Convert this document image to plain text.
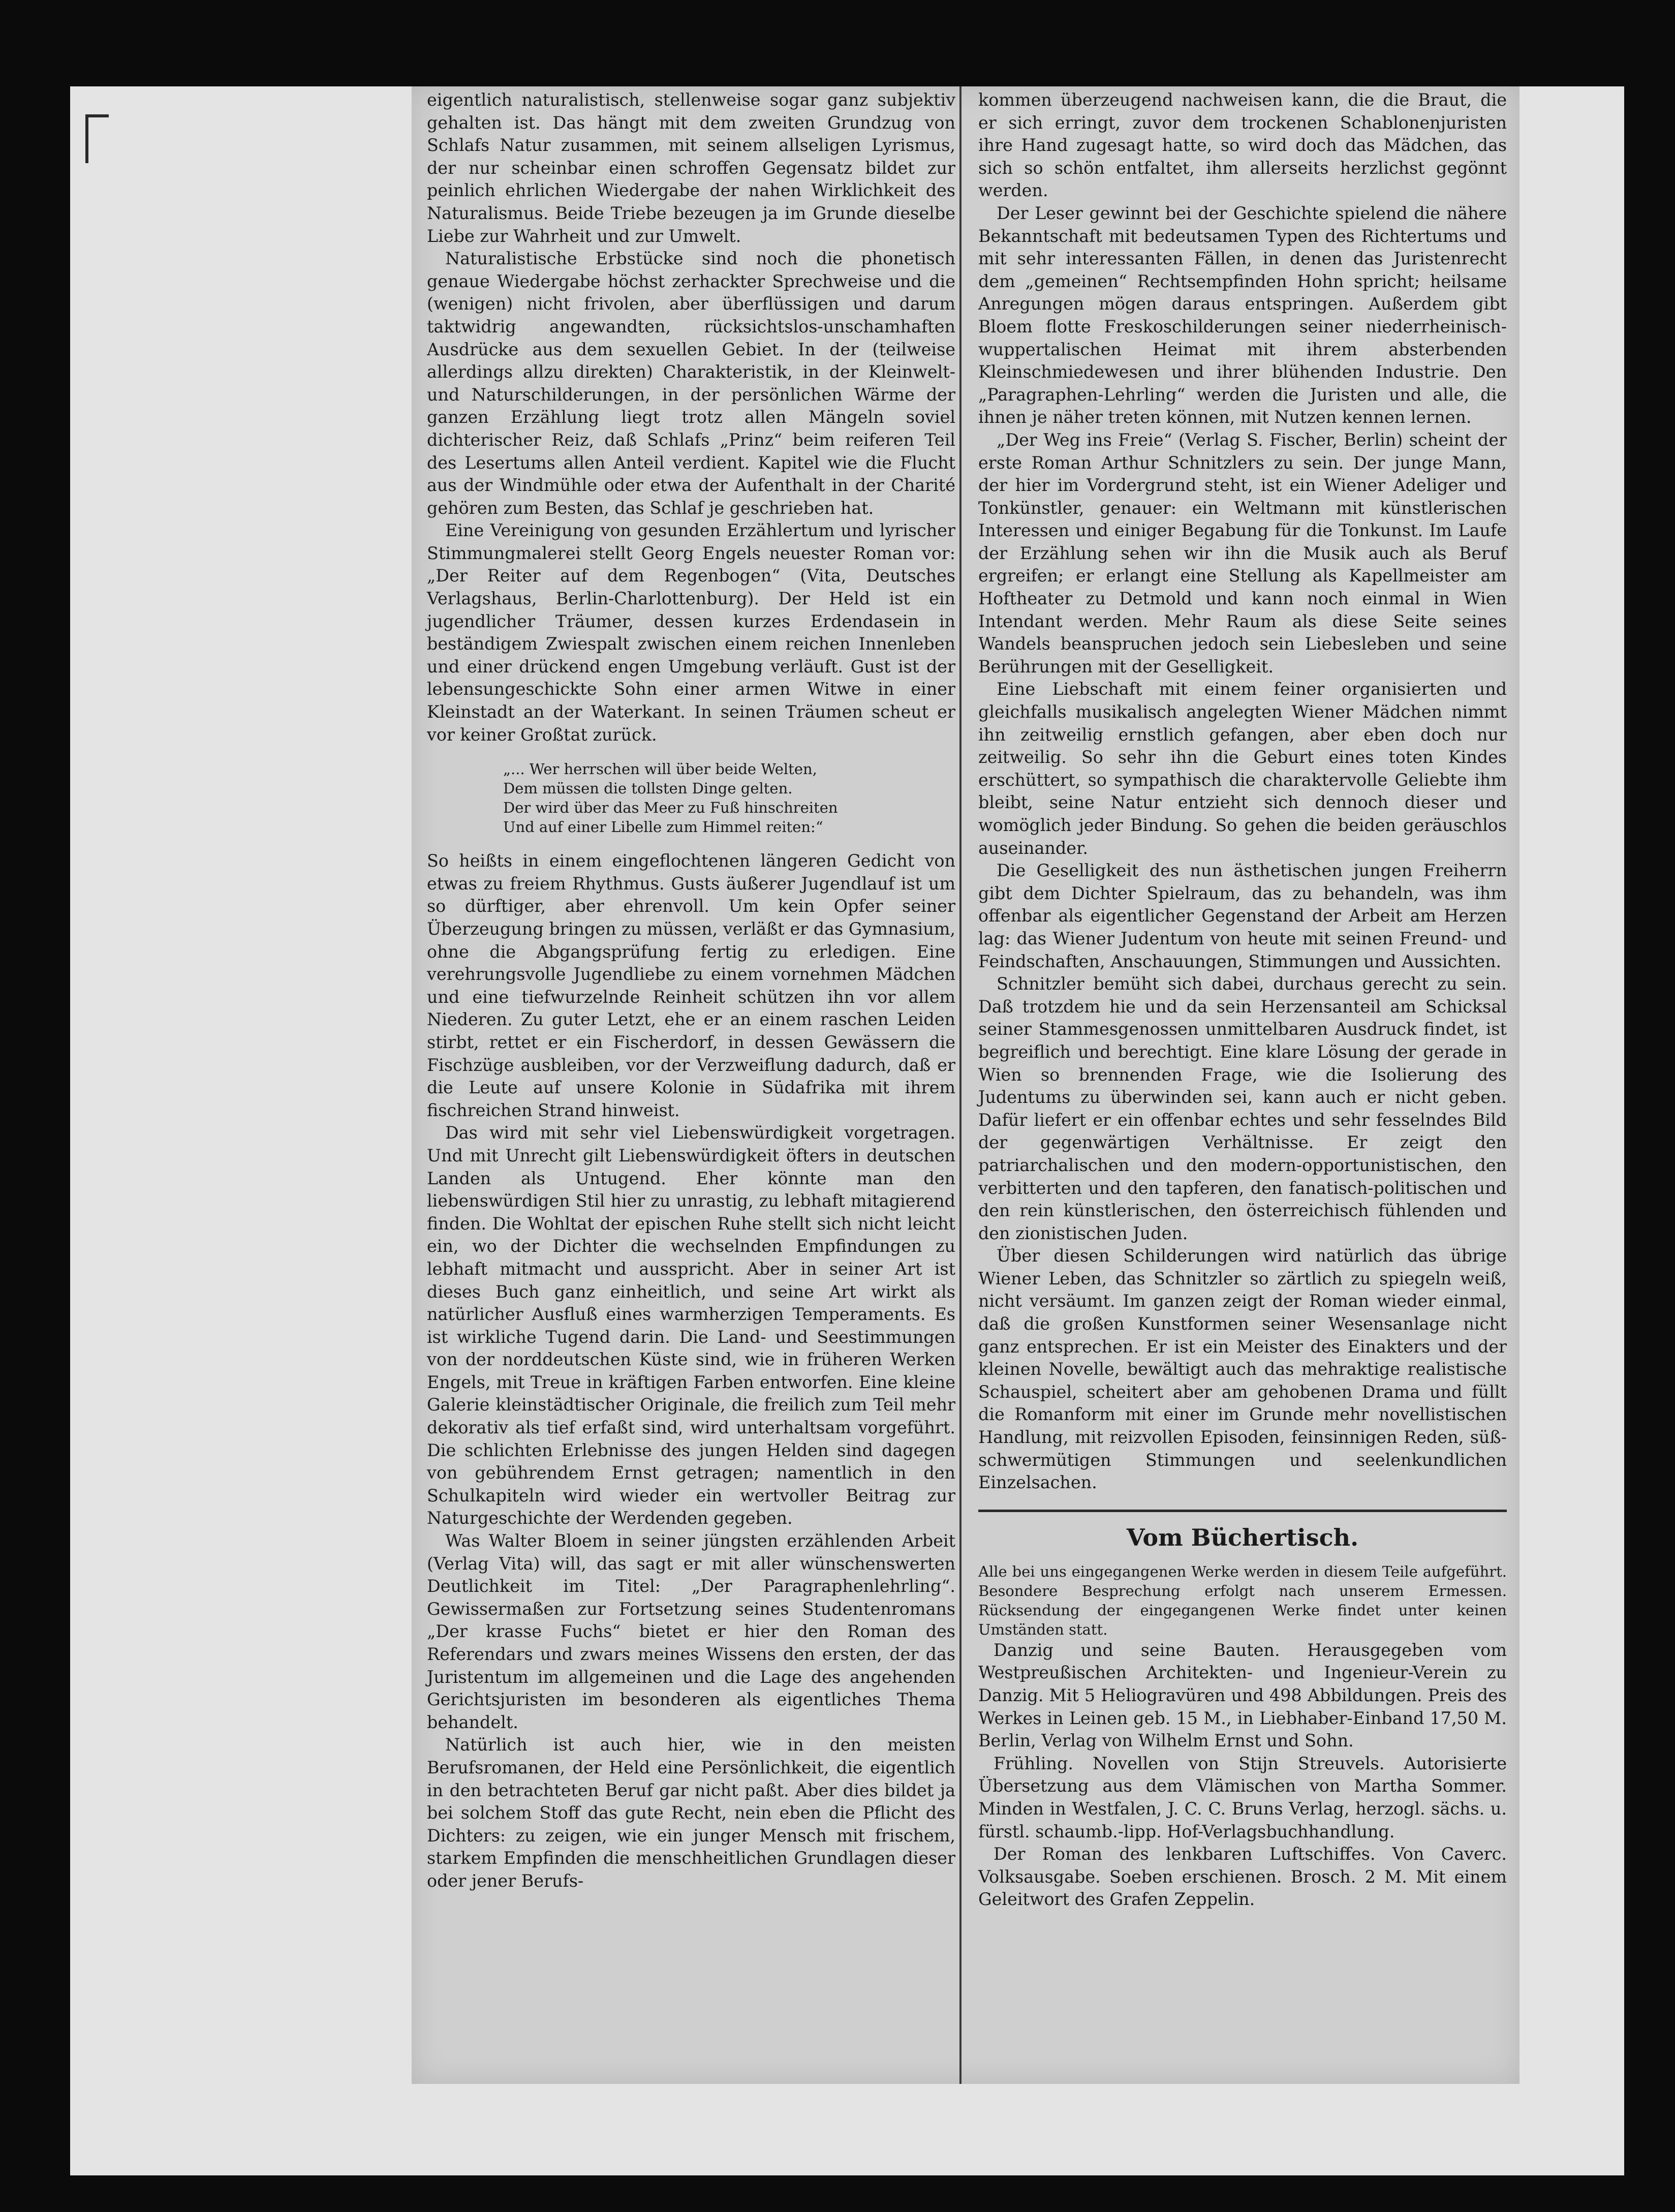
eigentlich naturalistisch, stellenweise sogar ganz subjektiv gehalten ist. Das hängt mit dem zweiten Grundzug von Schlafs Natur zusammen, mit seinem allseligen Lyrismus, der nur scheinbar einen schroffen Gegensatz bildet zur peinlich ehrlichen Wiedergabe der nahen Wirklichkeit des Naturalismus. Beide Triebe bezeugen ja im Grunde dieselbe Liebe zur Wahrheit und zur Umwelt.

Naturalistische Erbstücke sind noch die phonetisch genaue Wiedergabe höchst zerhackter Sprechweise und die (wenigen) nicht frivolen, aber überflüssigen und darum taktwidrig angewandten, rücksichtslos-unschamhaften Ausdrücke aus dem sexuellen Gebiet. In der (teilweise allerdings allzu direkten) Charakteristik, in der Kleinwelt- und Naturschilderungen, in der persönlichen Wärme der ganzen Erzählung liegt trotz allen Mängeln soviel dichterischer Reiz, daß Schlafs „Prinz“ beim reiferen Teil des Lesertums allen Anteil verdient. Kapitel wie die Flucht aus der Windmühle oder etwa der Aufenthalt in der Charité gehören zum Besten, das Schlaf je geschrieben hat.

Eine Vereinigung von gesunden Erzählertum und lyrischer Stimmungmalerei stellt Georg Engels neuester Roman vor: „Der Reiter auf dem Regenbogen“ (Vita, Deutsches Verlagshaus, Berlin-Charlottenburg). Der Held ist ein jugendlicher Träumer, dessen kurzes Erdendasein in beständigem Zwiespalt zwischen einem reichen Innenleben und einer drückend engen Umgebung verläuft. Gust ist der lebensungeschickte Sohn einer armen Witwe in einer Kleinstadt an der Waterkant. In seinen Träumen scheut er vor keiner Großtat zurück.

„... Wer herrschen will über beide Welten,
Dem müssen die tollsten Dinge gelten.
Der wird über das Meer zu Fuß hinschreiten
Und auf einer Libelle zum Himmel reiten:“

So heißts in einem eingeflochtenen längeren Gedicht von etwas zu freiem Rhythmus. Gusts äußerer Jugendlauf ist um so dürftiger, aber ehrenvoll. Um kein Opfer seiner Überzeugung bringen zu müssen, verläßt er das Gymnasium, ohne die Abgangsprüfung fertig zu erledigen. Eine verehrungsvolle Jugendliebe zu einem vornehmen Mädchen und eine tiefwurzelnde Reinheit schützen ihn vor allem Niederen. Zu guter Letzt, ehe er an einem raschen Leiden stirbt, rettet er ein Fischerdorf, in dessen Gewässern die Fischzüge ausbleiben, vor der Verzweiflung dadurch, daß er die Leute auf unsere Kolonie in Südafrika mit ihrem fischreichen Strand hinweist.

Das wird mit sehr viel Liebenswürdigkeit vorgetragen. Und mit Unrecht gilt Liebenswürdigkeit öfters in deutschen Landen als Untugend. Eher könnte man den liebenswürdigen Stil hier zu unrastig, zu lebhaft mitagierend finden. Die Wohltat der epischen Ruhe stellt sich nicht leicht ein, wo der Dichter die wechselnden Empfindungen zu lebhaft mitmacht und ausspricht. Aber in seiner Art ist dieses Buch ganz einheitlich, und seine Art wirkt als natürlicher Ausfluß eines warmherzigen Temperaments. Es ist wirkliche Tugend darin. Die Land- und Seestimmungen von der norddeutschen Küste sind, wie in früheren Werken Engels, mit Treue in kräftigen Farben entworfen. Eine kleine Galerie kleinstädtischer Originale, die freilich zum Teil mehr dekorativ als tief erfaßt sind, wird unterhaltsam vorgeführt. Die schlichten Erlebnisse des jungen Helden sind dagegen von gebührendem Ernst getragen; namentlich in den Schulkapiteln wird wieder ein wertvoller Beitrag zur Naturgeschichte der Werdenden gegeben.

Was Walter Bloem in seiner jüngsten erzählenden Arbeit (Verlag Vita) will, das sagt er mit aller wünschenswerten Deutlichkeit im Titel: „Der Paragraphenlehrling“. Gewissermaßen zur Fortsetzung seines Studentenromans „Der krasse Fuchs“ bietet er hier den Roman des Referendars und zwars meines Wissens den ersten, der das Juristentum im allgemeinen und die Lage des angehenden Gerichtsjuristen im besonderen als eigentliches Thema behandelt.

Natürlich ist auch hier, wie in den meisten Berufsromanen, der Held eine Persönlichkeit, die eigentlich in den betrachteten Beruf gar nicht paßt. Aber dies bildet ja bei solchem Stoff das gute Recht, nein eben die Pflicht des Dichters: zu zeigen, wie ein junger Mensch mit frischem, starkem Empfinden die menschheitlichen Grundlagen dieser oder jener Berufs-

kommen überzeugend nachweisen kann, die die Braut, die er sich erringt, zuvor dem trockenen Schablonenjuristen ihre Hand zugesagt hatte, so wird doch das Mädchen, das sich so schön entfaltet, ihm allerseits herzlichst gegönnt werden.

Der Leser gewinnt bei der Geschichte spielend die nähere Bekanntschaft mit bedeutsamen Typen des Richtertums und mit sehr interessanten Fällen, in denen das Juristenrecht dem „gemeinen“ Rechtsempfinden Hohn spricht; heilsame Anregungen mögen daraus entspringen. Außerdem gibt Bloem flotte Freskoschilderungen seiner niederrheinisch-wuppertalischen Heimat mit ihrem absterbenden Kleinschmiedewesen und ihrer blühenden Industrie. Den „Paragraphen-Lehrling“ werden die Juristen und alle, die ihnen je näher treten können, mit Nutzen kennen lernen.

„Der Weg ins Freie“ (Verlag S. Fischer, Berlin) scheint der erste Roman Arthur Schnitzlers zu sein. Der junge Mann, der hier im Vordergrund steht, ist ein Wiener Adeliger und Tonkünstler, genauer: ein Weltmann mit künstlerischen Interessen und einiger Begabung für die Tonkunst. Im Laufe der Erzählung sehen wir ihn die Musik auch als Beruf ergreifen; er erlangt eine Stellung als Kapellmeister am Hoftheater zu Detmold und kann noch einmal in Wien Intendant werden. Mehr Raum als diese Seite seines Wandels beanspruchen jedoch sein Liebesleben und seine Berührungen mit der Geselligkeit.

Eine Liebschaft mit einem feiner organisierten und gleichfalls musikalisch angelegten Wiener Mädchen nimmt ihn zeitweilig ernstlich gefangen, aber eben doch nur zeitweilig. So sehr ihn die Geburt eines toten Kindes erschüttert, so sympathisch die charaktervolle Geliebte ihm bleibt, seine Natur entzieht sich dennoch dieser und womöglich jeder Bindung. So gehen die beiden geräuschlos auseinander.

Die Geselligkeit des nun ästhetischen jungen Freiherrn gibt dem Dichter Spielraum, das zu behandeln, was ihm offenbar als eigentlicher Gegenstand der Arbeit am Herzen lag: das Wiener Judentum von heute mit seinen Freund- und Feindschaften, Anschauungen, Stimmungen und Aussichten.

Schnitzler bemüht sich dabei, durchaus gerecht zu sein. Daß trotzdem hie und da sein Herzensanteil am Schicksal seiner Stammesgenossen unmittelbaren Ausdruck findet, ist begreiflich und berechtigt. Eine klare Lösung der gerade in Wien so brennenden Frage, wie die Isolierung des Judentums zu überwinden sei, kann auch er nicht geben. Dafür liefert er ein offenbar echtes und sehr fesselndes Bild der gegenwärtigen Verhältnisse. Er zeigt den patriarchalischen und den modern-opportunistischen, den verbitterten und den tapferen, den fanatisch-politischen und den rein künstlerischen, den österreichisch fühlenden und den zionistischen Juden.

Über diesen Schilderungen wird natürlich das übrige Wiener Leben, das Schnitzler so zärtlich zu spiegeln weiß, nicht versäumt. Im ganzen zeigt der Roman wieder einmal, daß die großen Kunstformen seiner Wesensanlage nicht ganz entsprechen. Er ist ein Meister des Einakters und der kleinen Novelle, bewältigt auch das mehraktige realistische Schauspiel, scheitert aber am gehobenen Drama und füllt die Romanform mit einer im Grunde mehr novellistischen Handlung, mit reizvollen Episoden, feinsinnigen Reden, süß-schwermütigen Stimmungen und seelenkundlichen Einzelsachen.

Vom Büchertisch.

Alle bei uns eingegangenen Werke werden in diesem Teile aufgeführt. Besondere Besprechung erfolgt nach unserem Ermessen. Rücksendung der eingegangenen Werke findet unter keinen Umständen statt.

Danzig und seine Bauten. Herausgegeben vom Westpreußischen Architekten- und Ingenieur-Verein zu Danzig. Mit 5 Heliogravüren und 498 Abbildungen. Preis des Werkes in Leinen geb. 15 M., in Liebhaber-Einband 17,50 M. Berlin, Verlag von Wilhelm Ernst und Sohn.

Frühling. Novellen von Stijn Streuvels. Autorisierte Übersetzung aus dem Vlämischen von Martha Sommer. Minden in Westfalen, J. C. C. Bruns Verlag, herzogl. sächs. u. fürstl. schaumb.-lipp. Hof-Verlagsbuchhandlung.

Der Roman des lenkbaren Luftschiffes. Von Caverc. Volksausgabe. Soeben erschienen. Brosch. 2 M. Mit einem Geleitwort des Grafen Zeppelin.
